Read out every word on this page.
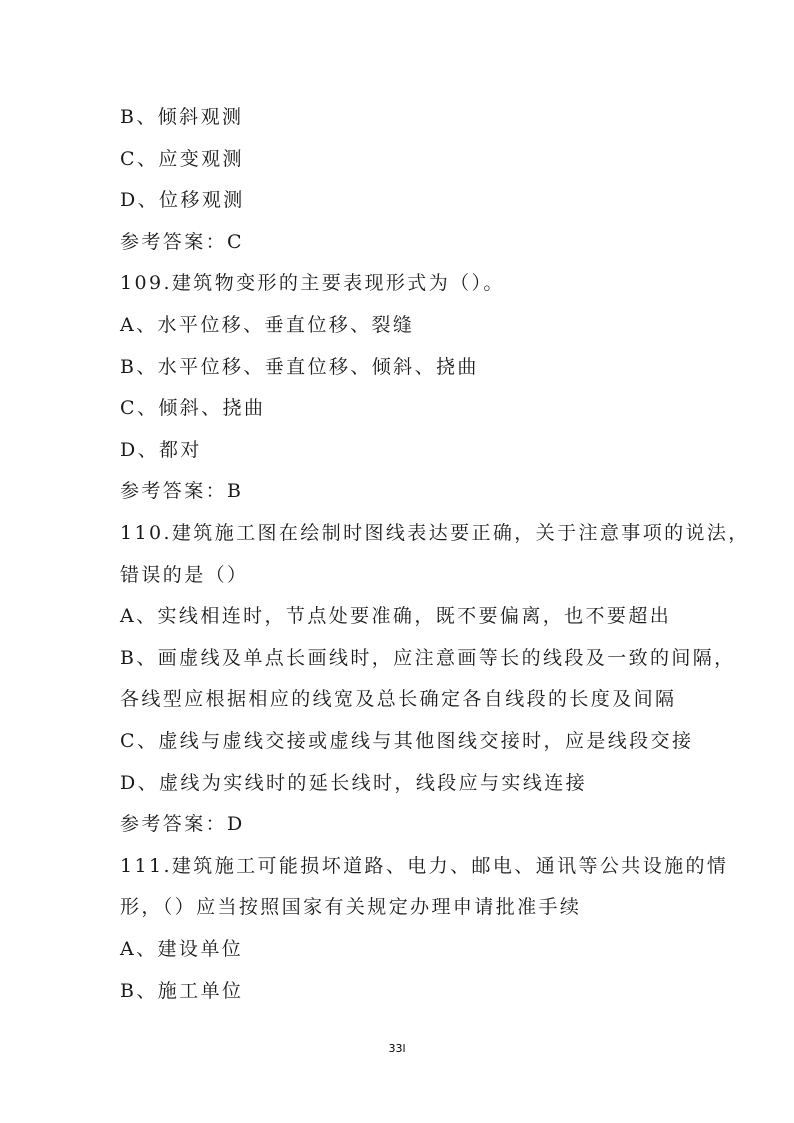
B、倾斜观测
C、应变观测
D、位移观测
参考答案：C
109.建筑物变形的主要表现形式为（）。
A、水平位移、垂直位移、裂缝
B、水平位移、垂直位移、倾斜、挠曲
C、倾斜、挠曲
D、都对
参考答案：B
110.建筑施工图在绘制时图线表达要正确，关于注意事项的说法，
错误的是（）
A、实线相连时，节点处要准确，既不要偏离，也不要超出
B、画虚线及单点长画线时，应注意画等长的线段及一致的间隔，
各线型应根据相应的线宽及总长确定各自线段的长度及间隔
C、虚线与虚线交接或虚线与其他图线交接时，应是线段交接
D、虚线为实线时的延长线时，线段应与实线连接
参考答案：D
111.建筑施工可能损坏道路、电力、邮电、通讯等公共设施的情
形，（）应当按照国家有关规定办理申请批准手续
A、建设单位
B、施工单位
33l
